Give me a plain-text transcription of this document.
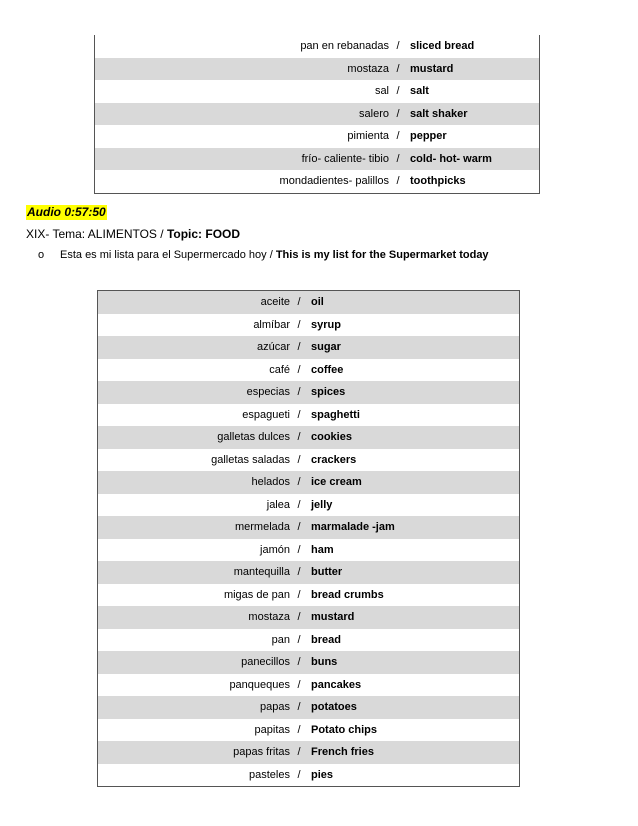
pan en rebanadas	/	sliced bread
mostaza	/	mustard
sal	/	salt
salero	/	salt shaker
pimienta	/	pepper
frío- caliente- tibio	/	cold- hot- warm
mondadientes- palillos	/	toothpicks
Audio 0:57:50
XIX- Tema: ALIMENTOS / Topic: FOOD
o Esta es mi lista para el Supermercado hoy / This is my list for the Supermarket today
aceite	/	oil
almíbar	/	syrup
azúcar	/	sugar
café	/	coffee
especias	/	spices
espagueti	/	spaghetti
galletas dulces	/	cookies
galletas saladas	/	crackers
helados	/	ice cream
jalea	/	jelly
mermelada	/	marmalade -jam
jamón	/	ham
mantequilla	/	butter
migas de pan	/	bread crumbs
mostaza	/	mustard
pan	/	bread
panecillos	/	buns
panqueques	/	pancakes
papas	/	potatoes
papitas	/	Potato chips
papas fritas	/	French fries
pasteles	/	pies
